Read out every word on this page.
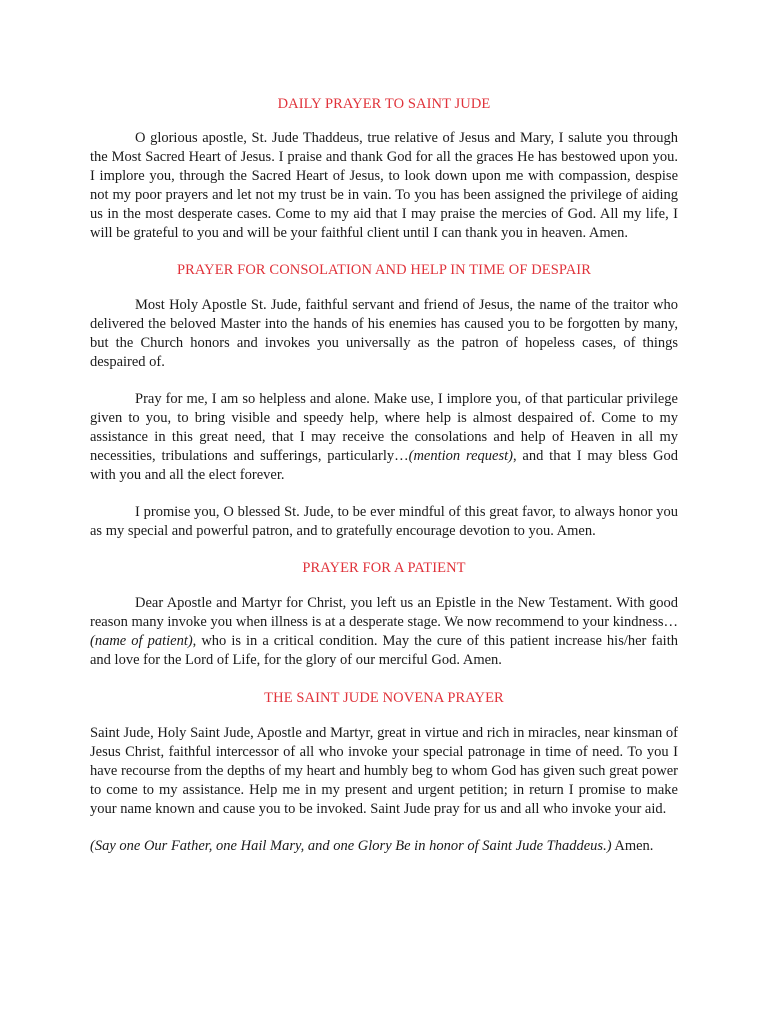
DAILY PRAYER TO SAINT JUDE

O glorious apostle, St. Jude Thaddeus, true relative of Jesus and Mary, I salute you through the Most Sacred Heart of Jesus. I praise and thank God for all the graces He has bestowed upon you. I implore you, through the Sacred Heart of Jesus, to look down upon me with compassion, despise not my poor prayers and let not my trust be in vain. To you has been assigned the privilege of aiding us in the most desperate cases. Come to my aid that I may praise the mercies of God. All my life, I will be grateful to you and will be your faithful client until I can thank you in heaven. Amen.

PRAYER FOR CONSOLATION AND HELP IN TIME OF DESPAIR

Most Holy Apostle St. Jude, faithful servant and friend of Jesus, the name of the traitor who delivered the beloved Master into the hands of his enemies has caused you to be forgotten by many, but the Church honors and invokes you universally as the patron of hopeless cases, of things despaired of.

Pray for me, I am so helpless and alone. Make use, I implore you, of that particular privilege given to you, to bring visible and speedy help, where help is almost despaired of. Come to my assistance in this great need, that I may receive the consolations and help of Heaven in all my necessities, tribulations and sufferings, particularly…(mention request), and that I may bless God with you and all the elect forever.

I promise you, O blessed St. Jude, to be ever mindful of this great favor, to always honor you as my special and powerful patron, and to gratefully encourage devotion to you. Amen.

PRAYER FOR A PATIENT

Dear Apostle and Martyr for Christ, you left us an Epistle in the New Testament. With good reason many invoke you when illness is at a desperate stage. We now recommend to your kindness…(name of patient), who is in a critical condition. May the cure of this patient increase his/her faith and love for the Lord of Life, for the glory of our merciful God. Amen.

THE SAINT JUDE NOVENA PRAYER

Saint Jude, Holy Saint Jude, Apostle and Martyr, great in virtue and rich in miracles, near kinsman of Jesus Christ, faithful intercessor of all who invoke your special patronage in time of need. To you I have recourse from the depths of my heart and humbly beg to whom God has given such great power to come to my assistance. Help me in my present and urgent petition; in return I promise to make your name known and cause you to be invoked. Saint Jude pray for us and all who invoke your aid.

(Say one Our Father, one Hail Mary, and one Glory Be in honor of Saint Jude Thaddeus.) Amen.
